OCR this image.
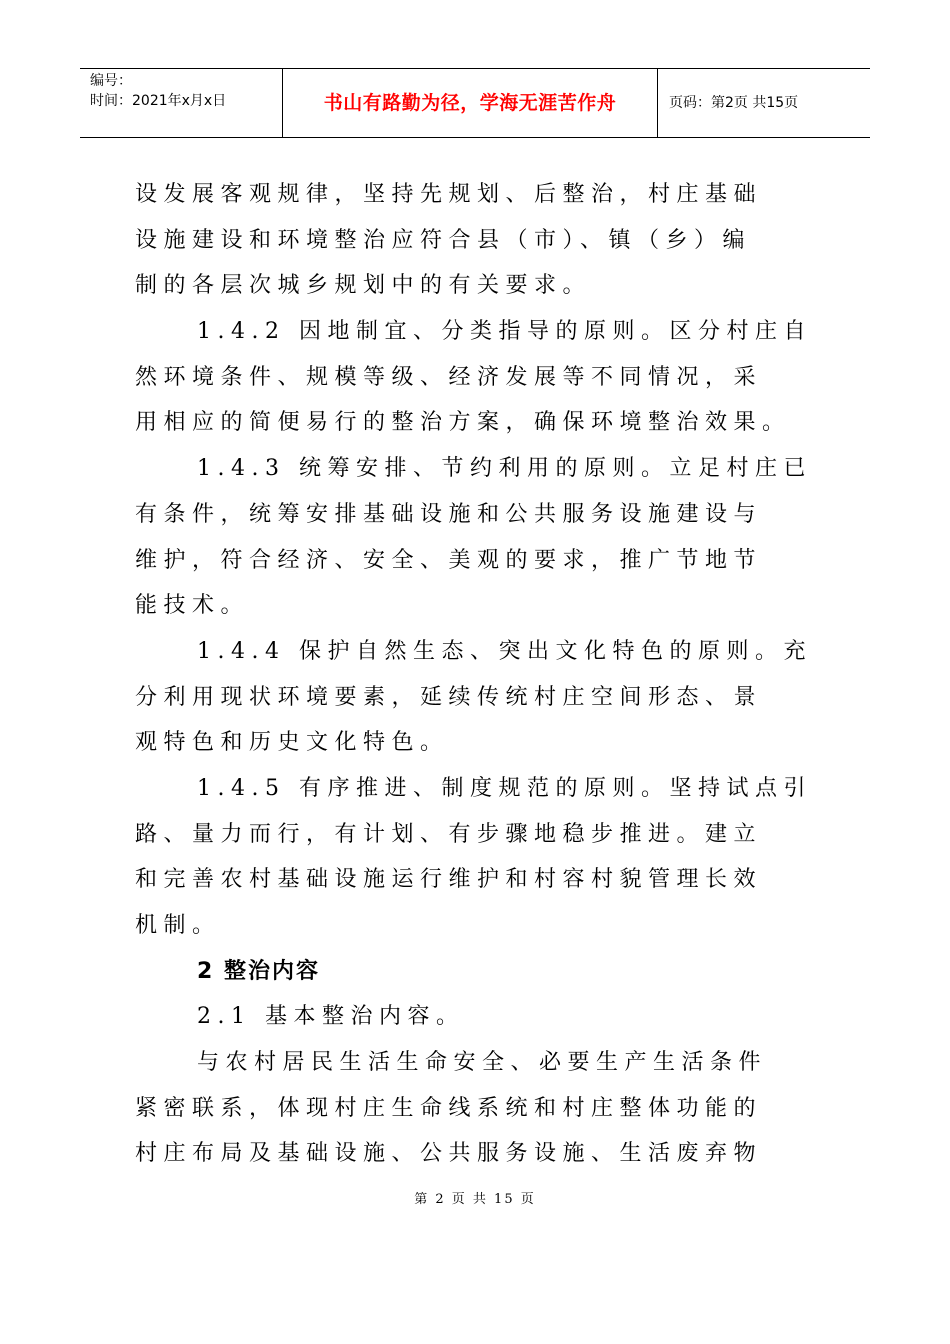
编号：
时间：2021年x月x日	书山有路勤为径，学海无涯苦作舟	页码：第2页 共15页
设发展客观规律，坚持先规划、后整治，村庄基础
设施建设和环境整治应符合县（市）、镇（乡）编
制的各层次城乡规划中的有关要求。
1.4.2 因地制宜、分类指导的原则。区分村庄自
然环境条件、规模等级、经济发展等不同情况，采
用相应的简便易行的整治方案，确保环境整治效果。
1.4.3 统筹安排、节约利用的原则。立足村庄已
有条件，统筹安排基础设施和公共服务设施建设与
维护，符合经济、安全、美观的要求，推广节地节
能技术。
1.4.4 保护自然生态、突出文化特色的原则。充
分利用现状环境要素，延续传统村庄空间形态、景
观特色和历史文化特色。
1.4.5 有序推进、制度规范的原则。坚持试点引
路、量力而行，有计划、有步骤地稳步推进。建立
和完善农村基础设施运行维护和村容村貌管理长效
机制。
2 整治内容
2.1 基本整治内容。
与农村居民生活生命安全、必要生产生活条件
紧密联系，体现村庄生命线系统和村庄整体功能的
村庄布局及基础设施、公共服务设施、生活废弃物
第 2 页 共 15 页
